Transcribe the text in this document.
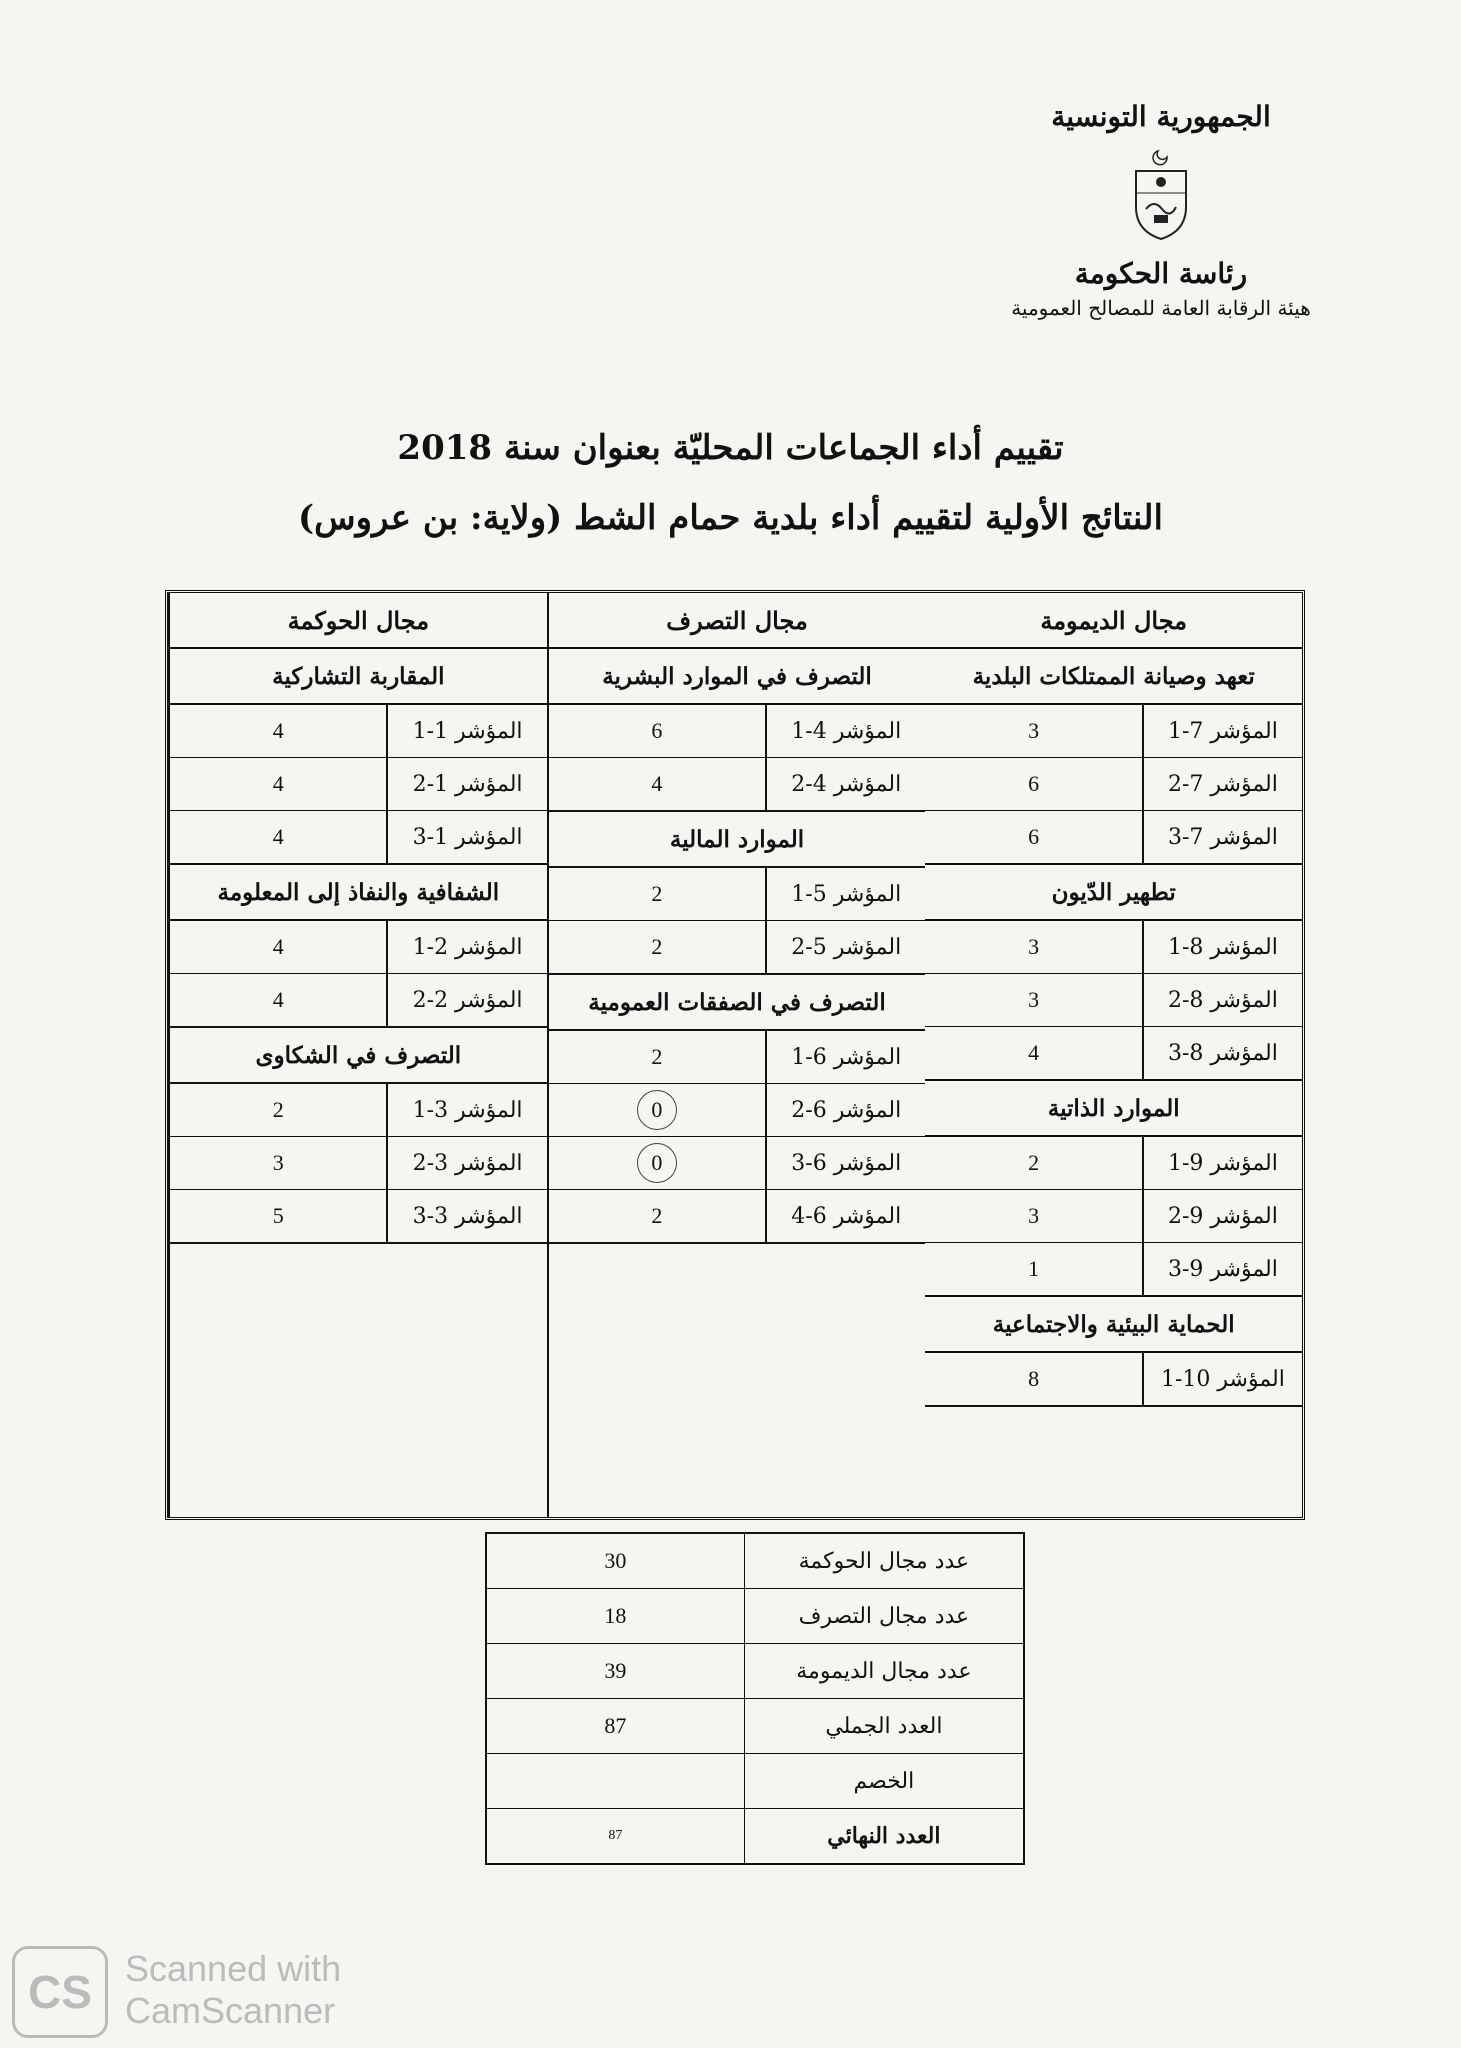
الجمهورية التونسية
رئاسة الحكومة
هيئة الرقابة العامة للمصالح العمومية
تقييم أداء الجماعات المحليّة بعنوان سنة 2018
النتائج الأولية لتقييم أداء بلدية حمام الشط (ولاية: بن عروس)
مجال الحوكمة
المقاربة التشاركية
المؤشر 1-1
4
المؤشر 1-2
4
المؤشر 1-3
4
الشفافية والنفاذ إلى المعلومة
المؤشر 2-1
4
المؤشر 2-2
4
التصرف في الشكاوى
المؤشر 3-1
2
المؤشر 3-2
3
المؤشر 3-3
5
مجال التصرف
التصرف في الموارد البشرية
المؤشر 4-1
6
المؤشر 4-2
4
الموارد المالية
المؤشر 5-1
2
المؤشر 5-2
2
التصرف في الصفقات العمومية
المؤشر 6-1
2
المؤشر 6-2
0
المؤشر 6-3
0
المؤشر 6-4
2
مجال الديمومة
تعهد وصيانة الممتلكات البلدية
المؤشر 7-1
3
المؤشر 7-2
6
المؤشر 7-3
6
تطهير الدّيون
المؤشر 8-1
3
المؤشر 8-2
3
المؤشر 8-3
4
الموارد الذاتية
المؤشر 9-1
2
المؤشر 9-2
3
المؤشر 9-3
1
الحماية البيئية والاجتماعية
المؤشر 10-1
8
عدد مجال الحوكمة	30
عدد مجال التصرف	18
عدد مجال الديمومة	39
العدد الجملي	87
الخصم	
العدد النهائي	87
CS Scanned with
CamScanner
